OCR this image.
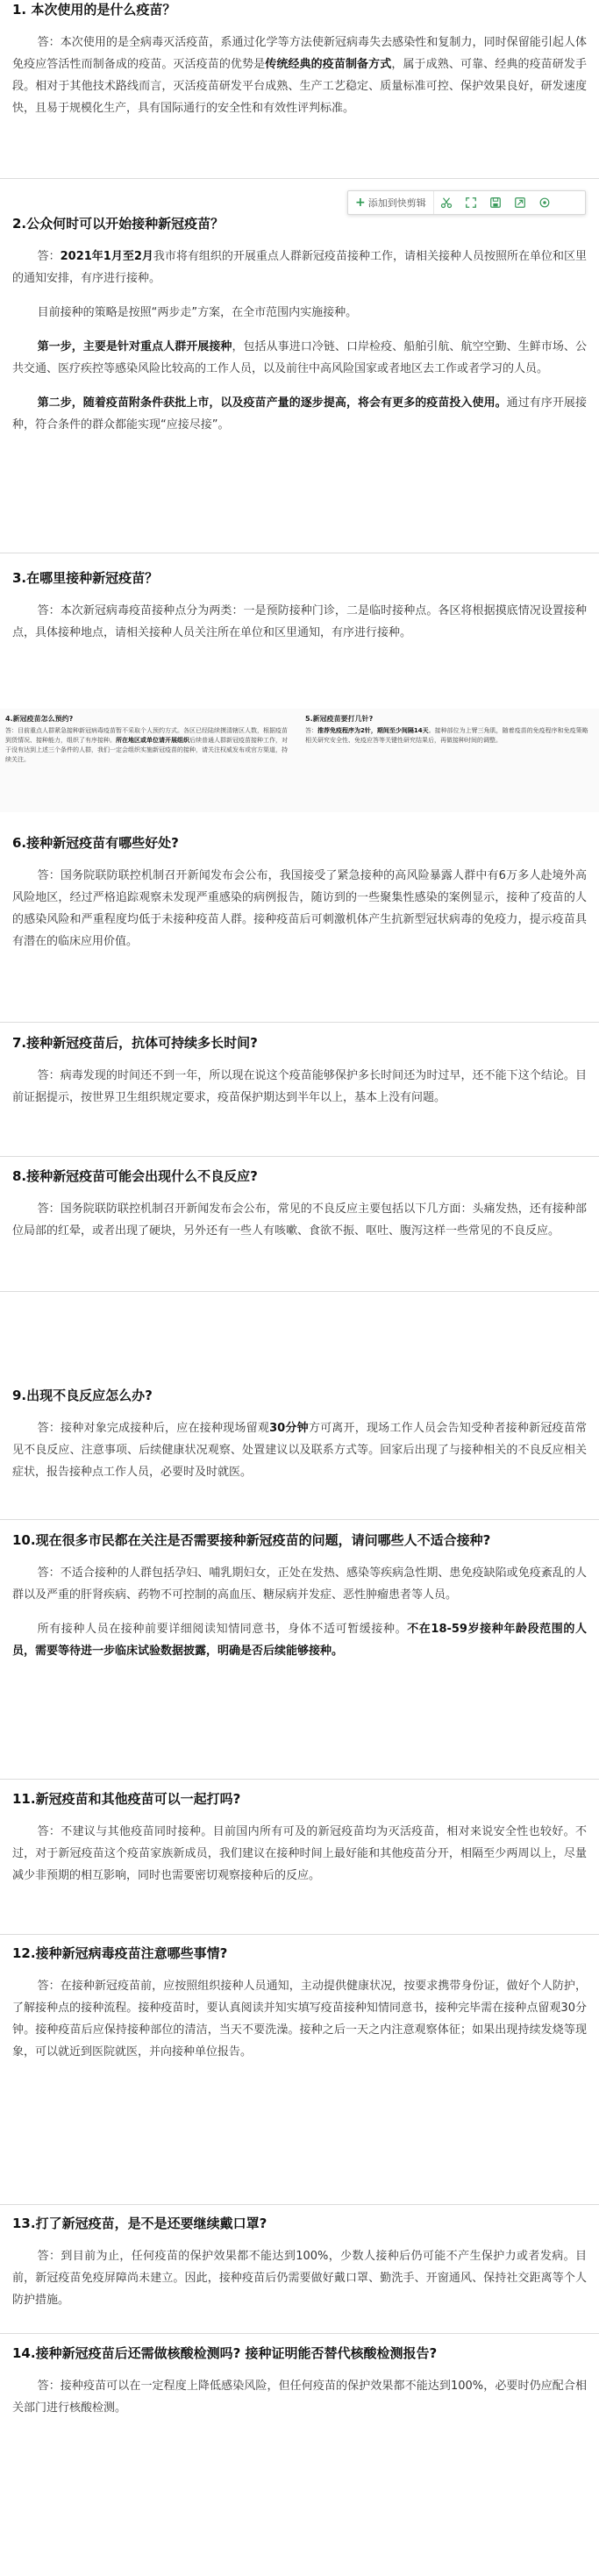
1. 本次使用的是什么疫苗？

答：本次使用的是全病毒灭活疫苗，系通过化学等方法使新冠病毒失去感染性和复制力，同时保留能引起人体免疫应答活性而制备成的疫苗。灭活疫苗的优势是传统经典的疫苗制备方式，属于成熟、可靠、经典的疫苗研发手段。相对于其他技术路线而言，灭活疫苗研发平台成熟、生产工艺稳定、质量标准可控、保护效果良好，研发速度快，且易于规模化生产，具有国际通行的安全性和有效性评判标准。

2.公众何时可以开始接种新冠疫苗？

答：2021年1月至2月我市将有组织的开展重点人群新冠疫苗接种工作，请相关接种人员按照所在单位和区里的通知安排，有序进行接种。

目前接种的策略是按照“两步走”方案，在全市范围内实施接种。

第一步，主要是针对重点人群开展接种，包括从事进口冷链、口岸检疫、船舶引航、航空空勤、生鲜市场、公共交通、医疗疾控等感染风险比较高的工作人员，以及前往中高风险国家或者地区去工作或者学习的人员。

第二步，随着疫苗附条件获批上市，以及疫苗产量的逐步提高，将会有更多的疫苗投入使用。通过有序开展接种，符合条件的群众都能实现“应接尽接”。

3.在哪里接种新冠疫苗？

答：本次新冠病毒疫苗接种点分为两类：一是预防接种门诊，二是临时接种点。各区将根据摸底情况设置接种点，具体接种地点，请相关接种人员关注所在单位和区里通知，有序进行接种。

4.新冠疫苗怎么预约?
答：目前重点人群紧急接种新冠病毒疫苗暂不采取个人预约方式。各区已经陆续摸清辖区人数，根据疫苗到货情况、接种能力，组织了有序接种。所在地区或单位请开展组织后续普通人群新冠疫苗接种工作，对于没有达到上述三个条件的人群，我们一定会组织实施新冠疫苗的接种，请关注权威发布或官方渠道，持续关注。
5.新冠疫苗要打几针?
答：推荐免疫程序为2针，期间至少间隔14天。接种部位为上臂三角肌，随着疫苗的免疫程序和免疫策略相关研究安全性、免疫应答等关键性研究结果后，再做接种时间的调整。
6.接种新冠疫苗有哪些好处?

答：国务院联防联控机制召开新闻发布会公布，我国接受了紧急接种的高风险暴露人群中有6万多人赴境外高风险地区，经过严格追踪观察未发现严重感染的病例报告，随访到的一些聚集性感染的案例显示，接种了疫苗的人的感染风险和严重程度均低于未接种疫苗人群。接种疫苗后可刺激机体产生抗新型冠状病毒的免疫力，提示疫苗具有潜在的临床应用价值。

7.接种新冠疫苗后，抗体可持续多长时间?

答：病毒发现的时间还不到一年，所以现在说这个疫苗能够保护多长时间还为时过早，还不能下这个结论。目前证据提示，按世界卫生组织规定要求，疫苗保护期达到半年以上，基本上没有问题。

8.接种新冠疫苗可能会出现什么不良反应?

答：国务院联防联控机制召开新闻发布会公布，常见的不良反应主要包括以下几方面：头痛发热，还有接种部位局部的红晕，或者出现了硬块，另外还有一些人有咳嗽、食欲不振、呕吐、腹泻这样一些常见的不良反应。

9.出现不良反应怎么办?

答：接种对象完成接种后，应在接种现场留观30分钟方可离开，现场工作人员会告知受种者接种新冠疫苗常见不良反应、注意事项、后续健康状况观察、处置建议以及联系方式等。回家后出现了与接种相关的不良反应相关症状，报告接种点工作人员，必要时及时就医。

10.现在很多市民都在关注是否需要接种新冠疫苗的问题，请问哪些人不适合接种?

答：不适合接种的人群包括孕妇、哺乳期妇女，正处在发热、感染等疾病急性期、患免疫缺陷或免疫紊乱的人群以及严重的肝肾疾病、药物不可控制的高血压、糖尿病并发症、恶性肿瘤患者等人员。

所有接种人员在接种前要详细阅读知情同意书，身体不适可暂缓接种。不在18-59岁接种年龄段范围的人员，需要等待进一步临床试验数据披露，明确是否后续能够接种。

11.新冠疫苗和其他疫苗可以一起打吗?

答：不建议与其他疫苗同时接种。目前国内所有可及的新冠疫苗均为灭活疫苗，相对来说安全性也较好。不过，对于新冠疫苗这个疫苗家族新成员，我们建议在接种时间上最好能和其他疫苗分开，相隔至少两周以上，尽量减少非预期的相互影响，同时也需要密切观察接种后的反应。

12.接种新冠病毒疫苗注意哪些事情?

答：在接种新冠疫苗前，应按照组织接种人员通知，主动提供健康状况，按要求携带身份证，做好个人防护，了解接种点的接种流程。接种疫苗时，要认真阅读并知实填写疫苗接种知情同意书，接种完毕需在接种点留观30分钟。接种疫苗后应保持接种部位的清洁，当天不要洗澡。接种之后一天之内注意观察体征；如果出现持续发烧等现象，可以就近到医院就医，并向接种单位报告。

13.打了新冠疫苗，是不是还要继续戴口罩?

答：到目前为止，任何疫苗的保护效果都不能达到100%，少数人接种后仍可能不产生保护力或者发病。目前，新冠疫苗免疫屏障尚未建立。因此，接种疫苗后仍需要做好戴口罩、勤洗手、开窗通风、保持社交距离等个人防护措施。

14.接种新冠疫苗后还需做核酸检测吗? 接种证明能否替代核酸检测报告?

答：接种疫苗可以在一定程度上降低感染风险，但任何疫苗的保护效果都不能达到100%，必要时仍应配合相关部门进行核酸检测。

+ 添加到快剪辑
